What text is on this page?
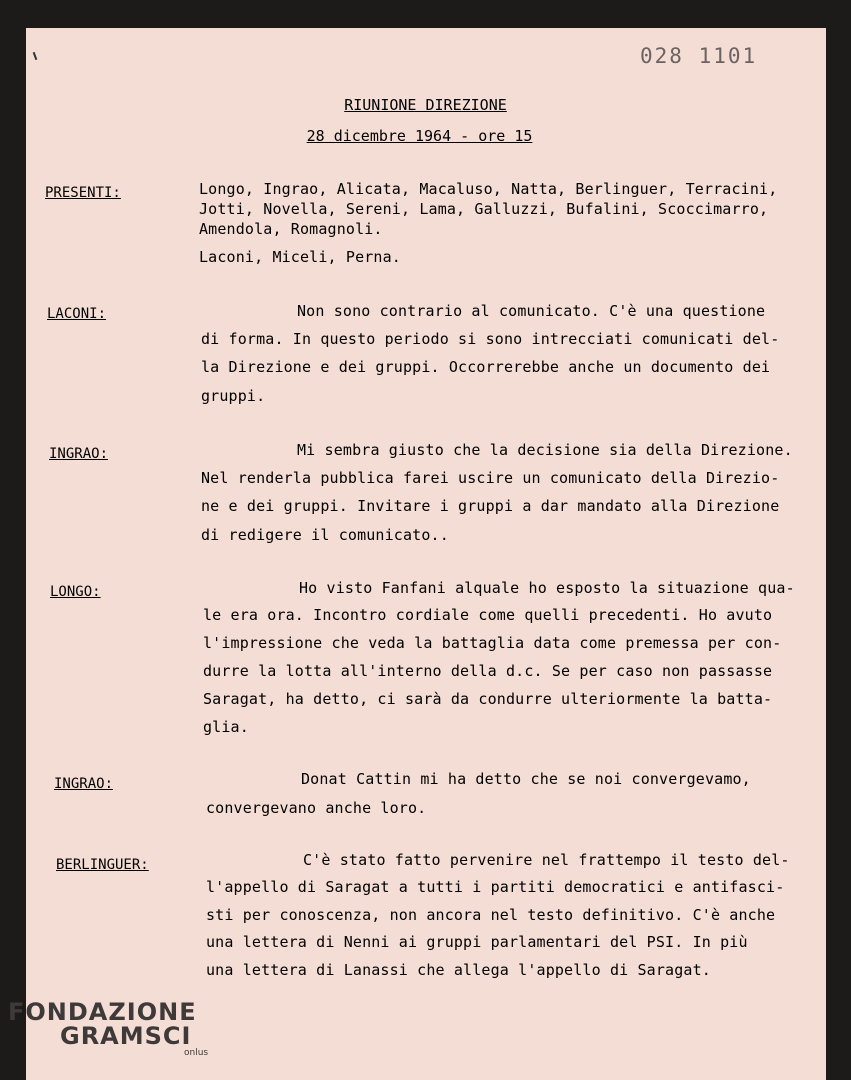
028 1101
RIUNIONE DIREZIONE
28 dicembre 1964 - ore 15
PRESENTI:	Longo, Ingrao, Alicata, Macaluso, Natta, Berlinguer, Terracini,
Jotti, Novella, Sereni, Lama, Galluzzi, Bufalini, Scoccimarro,
Amendola, Romagnoli.
Laconi, Miceli, Perna.
LACONI:	Non sono contrario al comunicato. C'è una questione
di forma. In questo periodo si sono intrecciati comunicati del-
la Direzione e dei gruppi. Occorrerebbe anche un documento dei
gruppi.
INGRAO:	Mi sembra giusto che la decisione sia della Direzione.
Nel renderla pubblica farei uscire un comunicato della Direzio-
ne e dei gruppi. Invitare i gruppi a dar mandato alla Direzione
di redigere il comunicato..
LONGO:	Ho visto Fanfani alquale ho esposto la situazione qua-
le era ora. Incontro cordiale come quelli precedenti. Ho avuto
l'impressione che veda la battaglia data come premessa per con-
durre la lotta all'interno della d.c. Se per caso non passasse
Saragat, ha detto, ci sarà da condurre ulteriormente la batta-
glia.
INGRAO:	Donat Cattin mi ha detto che se noi convergevamo,
convergevano anche loro.
BERLINGUER:	C'è stato fatto pervenire nel frattempo il testo del-
l'appello di Saragat a tutti i partiti democratici e antifasci-
sti per conoscenza, non ancora nel testo definitivo. C'è anche
una lettera di Nenni ai gruppi parlamentari del PSI. In più
una lettera di Lanassi che allega l'appello di Saragat.
FONDAZIONE
GRAMSCI
onlus
